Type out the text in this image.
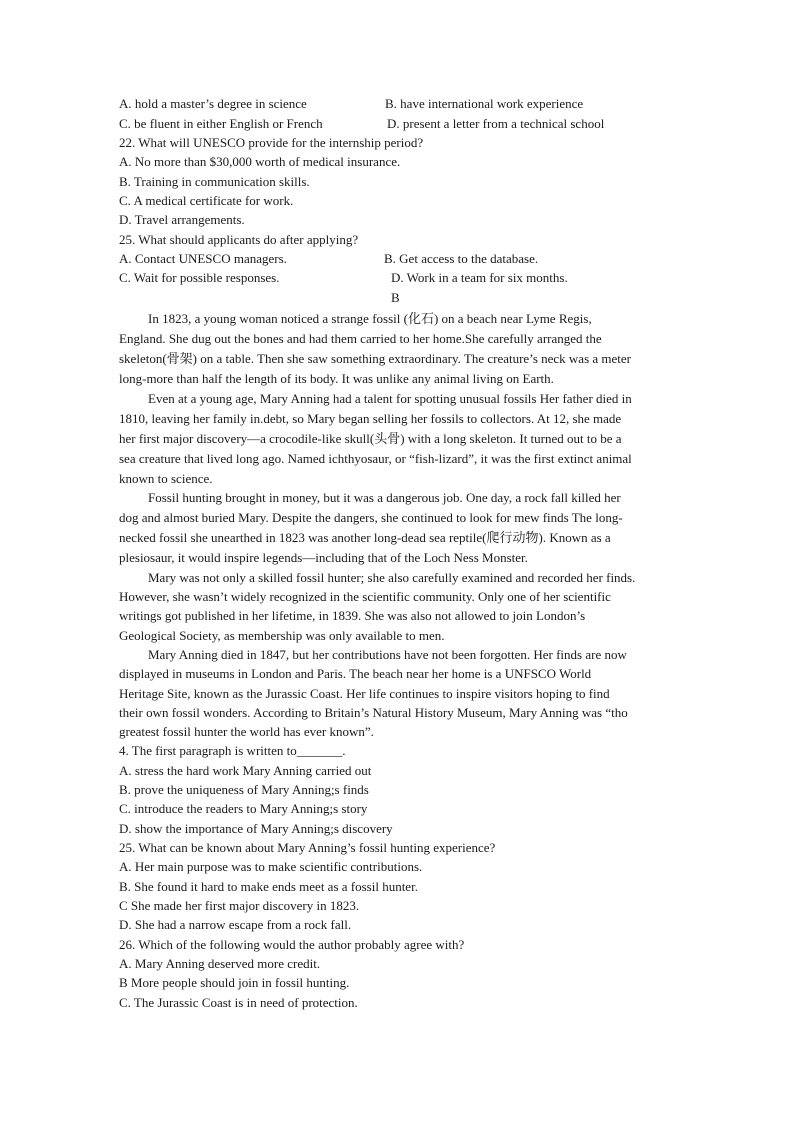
A. hold a master’s degree in science	B. have international work experience
C. be fluent in either English or French	D. present a letter from a technical school
22. What will UNESCO provide for the internship period?
A. No more than $30,000 worth of medical insurance.
B. Training in communication skills.
C. A medical certificate for work.
D. Travel arrangements.
25. What should applicants do after applying?
A. Contact UNESCO managers.	B. Get access to the database.
C. Wait for possible responses.	D. Work in a team for six months.
B
In 1823, a young woman noticed a strange fossil (化石) on a beach near Lyme Regis,
England. She dug out the bones and had them carried to her home.She carefully arranged the
skeleton(骨架) on a table. Then she saw something extraordinary. The creature’s neck was a meter
long-more than half the length of its body. It was unlike any animal living on Earth.
Even at a young age, Mary Anning had a talent for spotting unusual fossils Her father died in
1810, leaving her family in.debt, so Mary began selling her fossils to collectors. At 12, she made
her first major discovery—a crocodile-like skull(头骨) with a long skeleton. It turned out to be a
sea creature that lived long ago. Named ichthyosaur, or “fish-lizard”, it was the first extinct animal
known to science.
Fossil hunting brought in money, but it was a dangerous job. One day, a rock fall killed her
dog and almost buried Mary. Despite the dangers, she continued to look for mew finds The long-
necked fossil she unearthed in 1823 was another long-dead sea reptile(爬行动物). Known as a
plesiosaur, it would inspire legends—including that of the Loch Ness Monster.
Mary was not only a skilled fossil hunter; she also carefully examined and recorded her finds.
However, she wasn’t widely recognized in the scientific community. Only one of her scientific
writings got published in her lifetime, in 1839. She was also not allowed to join London’s
Geological Society, as membership was only available to men.
Mary Anning died in 1847, but her contributions have not been forgotten. Her finds are now
displayed in museums in London and Paris. The beach near her home is a UNFSCO World
Heritage Site, known as the Jurassic Coast. Her life continues to inspire visitors hoping to find
their own fossil wonders. According to Britain’s Natural History Museum, Mary Anning was “tho
greatest fossil hunter the world has ever known”.
4. The first paragraph is written to_______.
A. stress the hard work Mary Anning carried out
B. prove the uniqueness of Mary Anning;s finds
C. introduce the readers to Mary Anning;s story
D. show the importance of Mary Anning;s discovery
25. What can be known about Mary Anning’s fossil hunting experience?
A. Her main purpose was to make scientific contributions.
B. She found it hard to make ends meet as a fossil hunter.
C She made her first major discovery in 1823.
D. She had a narrow escape from a rock fall.
26. Which of the following would the author probably agree with?
A. Mary Anning deserved more credit.
B More people should join in fossil hunting.
C. The Jurassic Coast is in need of protection.
